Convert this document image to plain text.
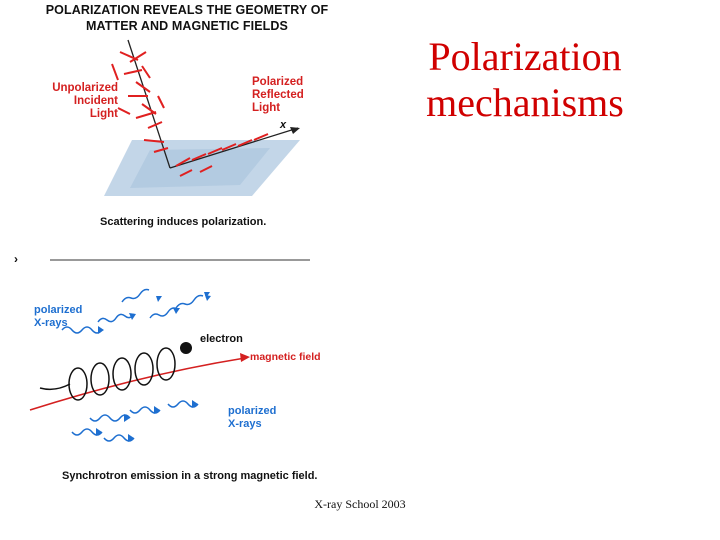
POLARIZATION REVEALS THE GEOMETRY OF
MATTER AND MAGNETIC FIELDS
Polarization
mechanisms
Unpolarized
Incident
Light
Polarized
Reflected
Light
x
Scattering induces polarization.
›
polarized
X-rays
electron
magnetic field
polarized
X-rays
Synchrotron emission in a strong magnetic field.
X-ray School 2003
